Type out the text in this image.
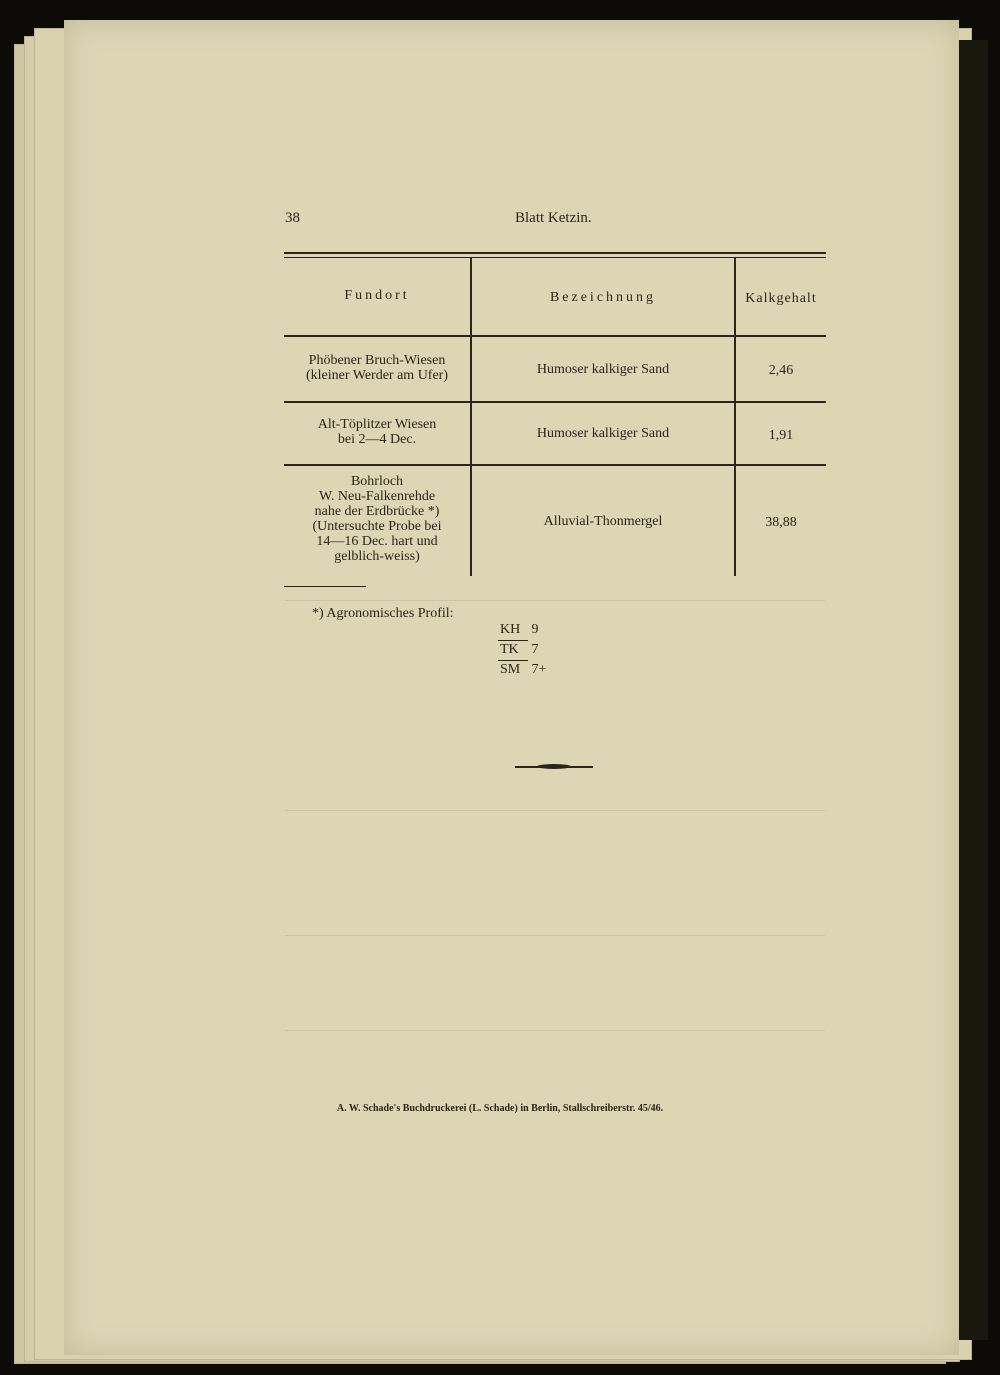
38	Blatt Ketzin.
Fundort	Bezeichnung	Kalkgehalt
Phöbener Bruch-Wiesen
(kleiner Werder am Ufer)	Humoser kalkiger Sand	2,46
Alt-Töplitzer Wiesen
bei 2—4 Dec.	Humoser kalkiger Sand	1,91
Bohrloch
W. Neu-Falkenrehde
nahe der Erdbrücke *)
(Untersuchte Probe bei
14—16 Dec. hart und
gelblich-weiss)
Alluvial-Thonmergel	38,88
*) Agronomisches Profil:
KH 9
TK 7
SM 7+
A. W. Schade's Buchdruckerei (L. Schade) in Berlin, Stallschreiberstr. 45/46.
